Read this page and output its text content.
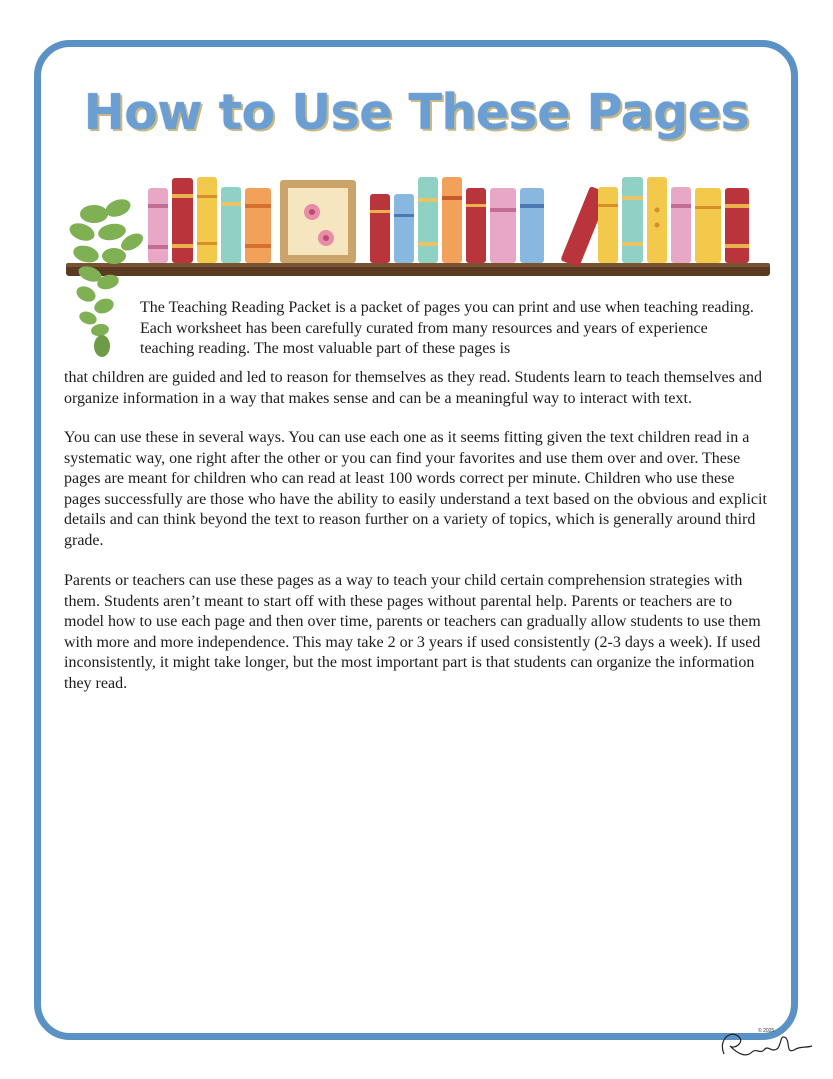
How to Use These Pages
The Teaching Reading Packet is a packet of pages you can print and use when teaching reading. Each worksheet has been carefully curated from many resources and years of experience teaching reading. The most valuable part of these pages is
that children are guided and led to reason for themselves as they read. Students learn to teach themselves and organize information in a way that makes sense and can be a meaningful way to interact with text.
You can use these in several ways. You can use each one as it seems fitting given the text children read in a systematic way, one right after the other or you can find your favorites and use them over and over. These pages are meant for children who can read at least 100 words correct per minute. Children who use these pages successfully are those who have the ability to easily understand a text based on the obvious and explicit details and can think beyond the text to reason further on a variety of topics, which is generally around third grade.
Parents or teachers can use these pages as a way to teach your child certain comprehension strategies with them. Students aren’t meant to start off with these pages without parental help. Parents or teachers are to model how to use each page and then over time, parents or teachers can gradually allow students to use them with more and more independence. This may take 2 or 3 years if used consistently (2-3 days a week). If used inconsistently, it might take longer, but the most important part is that students can organize the information they read.
© 2025
